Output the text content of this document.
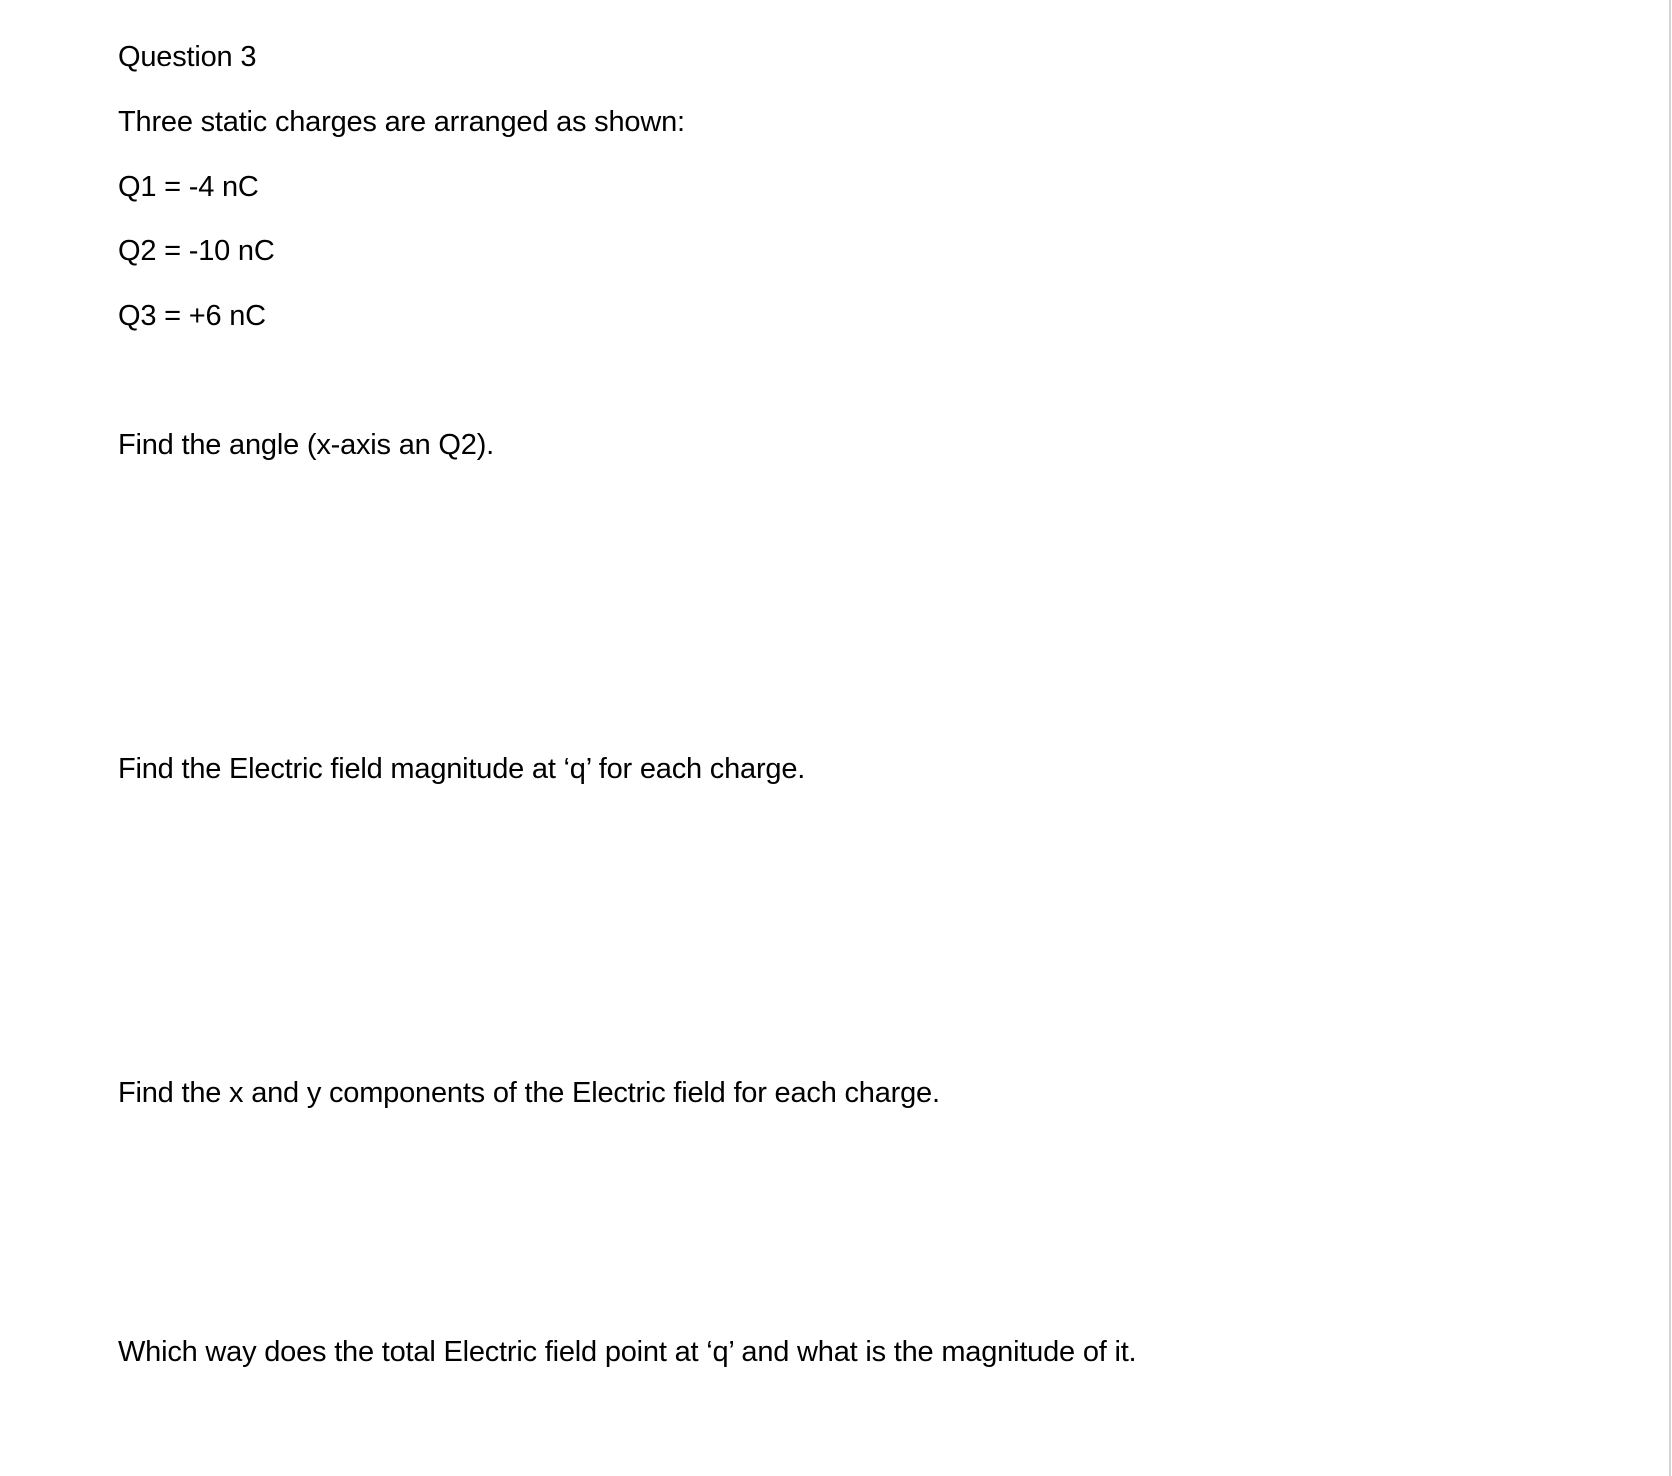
Question 3
Three static charges are arranged as shown:
Q1 = -4 nC
Q2 = -10 nC
Q3 = +6 nC
Find the angle (x-axis an Q2).
Find the Electric field magnitude at ‘q’ for each charge.
Find the x and y components of the Electric field for each charge.
Which way does the total Electric field point at ‘q’ and what is the magnitude of it.
